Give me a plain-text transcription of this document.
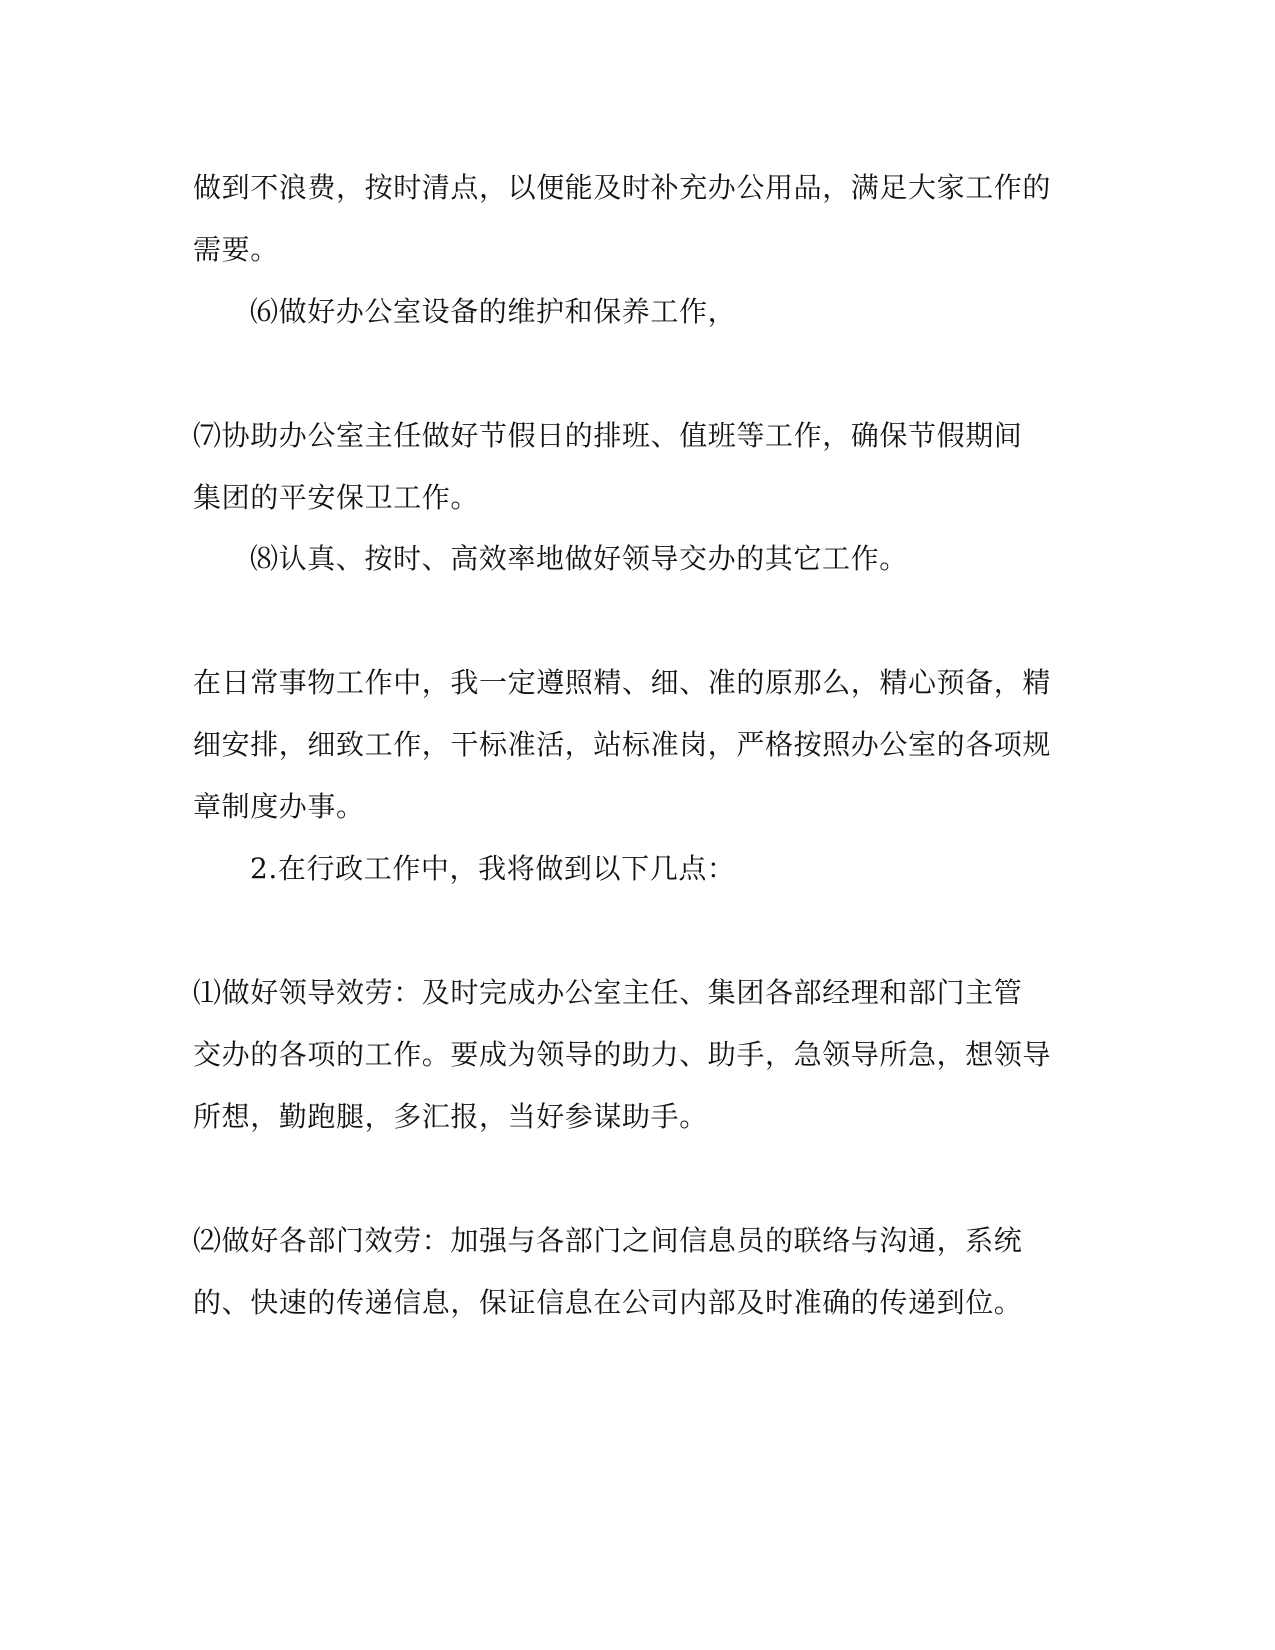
做到不浪费，按时清点，以便能及时补充办公用品，满足大家工作的
需要。
⑹做好办公室设备的维护和保养工作，
⑺协助办公室主任做好节假日的排班、值班等工作，确保节假期间
集团的平安保卫工作。
⑻认真、按时、高效率地做好领导交办的其它工作。
在日常事物工作中，我一定遵照精、细、准的原那么，精心预备，精
细安排，细致工作，干标准活，站标准岗，严格按照办公室的各项规
章制度办事。
2.在行政工作中，我将做到以下几点：
⑴做好领导效劳：及时完成办公室主任、集团各部经理和部门主管
交办的各项的工作。要成为领导的助力、助手，急领导所急，想领导
所想，勤跑腿，多汇报，当好参谋助手。
⑵做好各部门效劳：加强与各部门之间信息员的联络与沟通，系统
的、快速的传递信息，保证信息在公司内部及时准确的传递到位。
